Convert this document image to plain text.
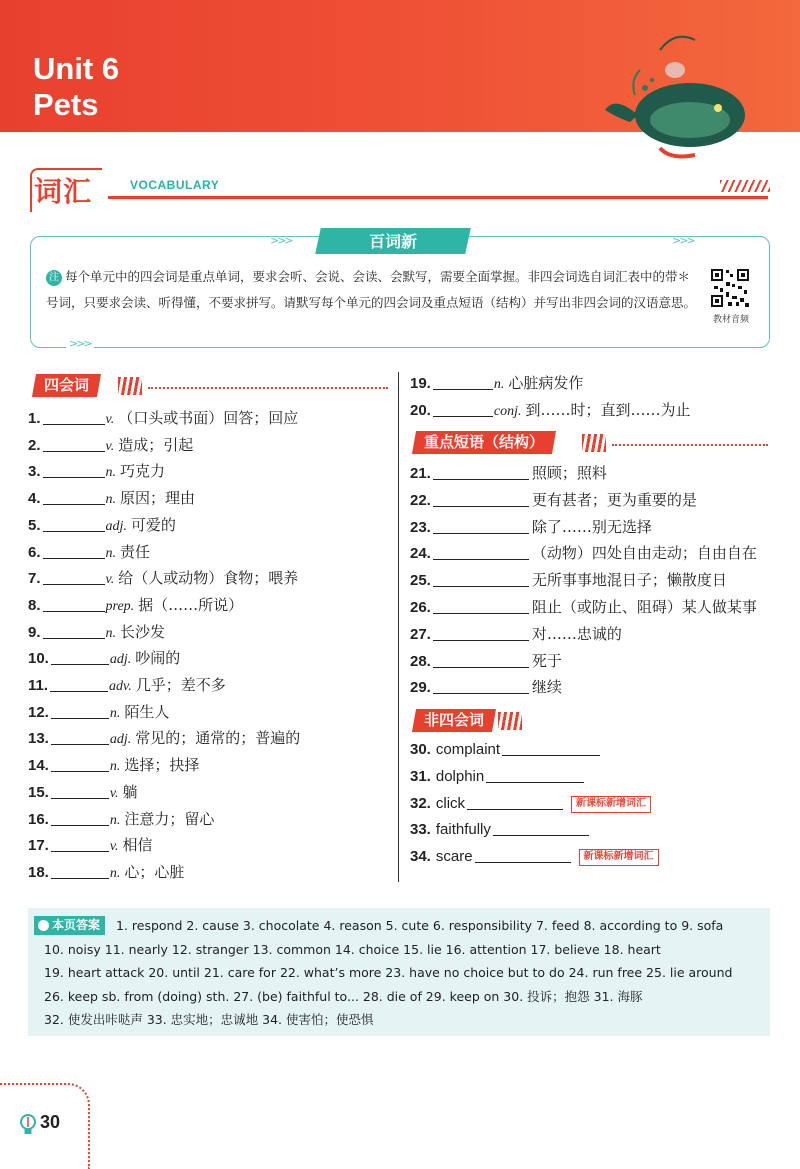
Unit 6
Pets
词汇	VOCABULARY
>>>	百词新	>>>
注 每个单元中的四会词是重点单词，要求会听、会说、会读、会默写，需要全面掌握。非四会词选自词汇表中的带＊号词，只要求会读、听得懂，不要求拼写。请默写每个单元的四会词及重点短语（结构）并写出非四会词的汉语意思。
教材音频
>>>
四会词
1.	v. （口头或书面）回答；回应
2.	v. 造成；引起
3.	n. 巧克力
4.	n. 原因；理由
5.	adj. 可爱的
6.	n. 责任
7.	v. 给（人或动物）食物；喂养
8.	prep. 据（……所说）
9.	n. 长沙发
10.	adj. 吵闹的
11.	adv. 几乎；差不多
12.	n. 陌生人
13.	adj. 常见的；通常的；普遍的
14.	n. 选择；抉择
15.	v. 躺
16.	n. 注意力；留心
17.	v. 相信
18.	n. 心；心脏
19.	n. 心脏病发作
20.	conj. 到……时；直到……为止
重点短语（结构）
21.	照顾；照料
22.	更有甚者；更为重要的是
23.	除了……别无选择
24.	（动物）四处自由走动；自由自在
25.	无所事事地混日子；懒散度日
26.	阻止（或防止、阻碍）某人做某事
27.	对……忠诚的
28.	死于
29.	继续
非四会词
30. complaint
31. dolphin
32. click	新课标新增词汇
33. faithfully
34. scare	新课标新增词汇
本页答案	1. respond 2. cause 3. chocolate 4. reason 5. cute 6. responsibility 7. feed 8. according to 9. sofa
10. noisy 11. nearly 12. stranger 13. common 14. choice 15. lie 16. attention 17. believe 18. heart
19. heart attack 20. until 21. care for 22. what’s more 23. have no choice but to do 24. run free 25. lie around
26. keep sb. from (doing) sth. 27. (be) faithful to... 28. die of 29. keep on 30. 投诉；抱怨 31. 海豚
32. 使发出咔哒声 33. 忠实地；忠诚地 34. 使害怕；使恐惧
30
